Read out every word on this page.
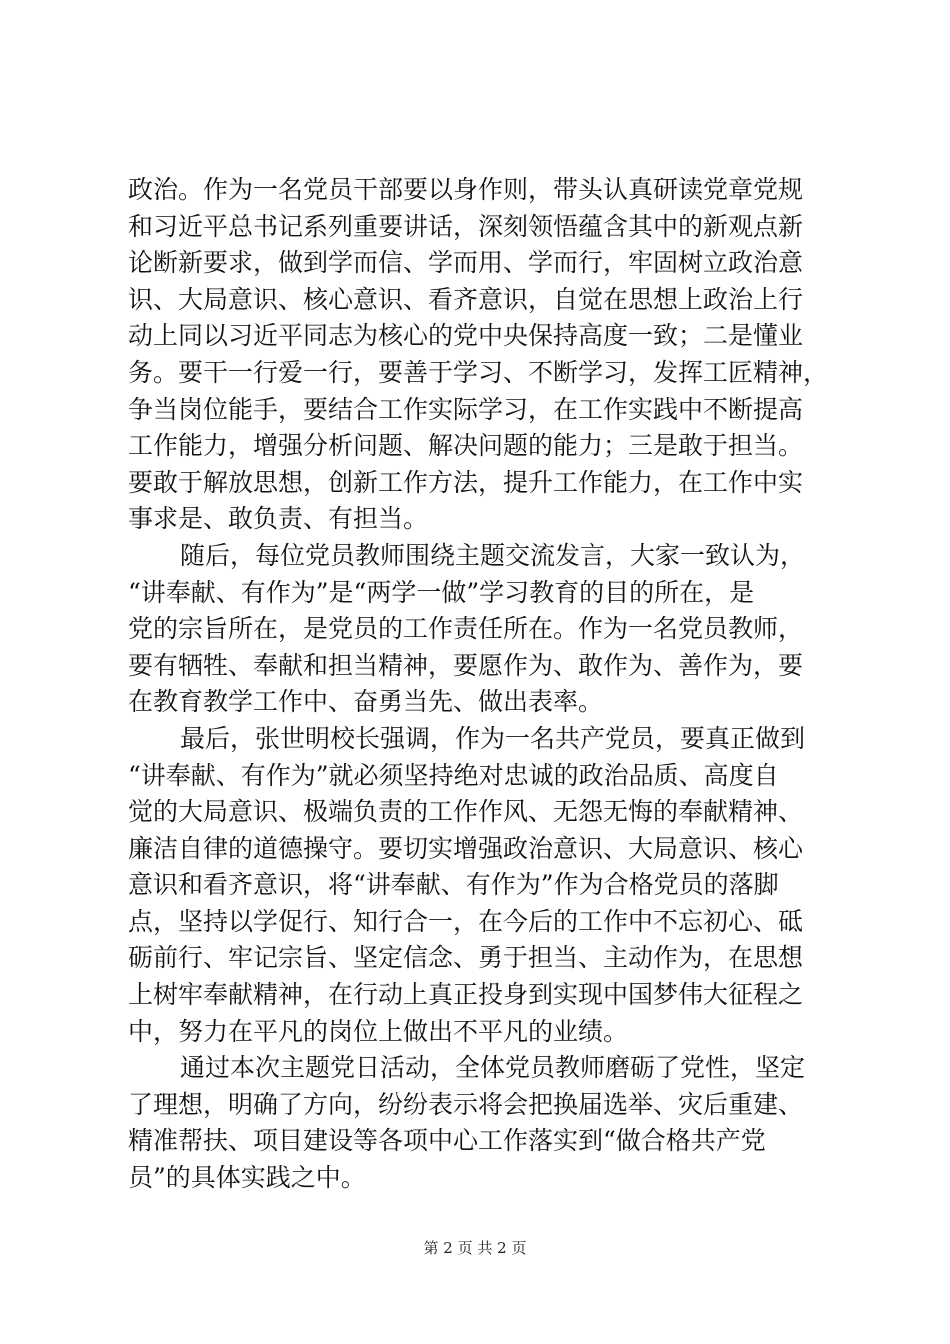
政治。作为一名党员干部要以身作则，带头认真研读党章党规
和习近平总书记系列重要讲话，深刻领悟蕴含其中的新观点新
论断新要求，做到学而信、学而用、学而行，牢固树立政治意
识、大局意识、核心意识、看齐意识，自觉在思想上政治上行
动上同以习近平同志为核心的党中央保持高度一致；二是懂业
务。要干一行爱一行，要善于学习、不断学习，发挥工匠精神，
争当岗位能手，要结合工作实际学习，在工作实践中不断提高
工作能力，增强分析问题、解决问题的能力；三是敢于担当。
要敢于解放思想，创新工作方法，提升工作能力，在工作中实
事求是、敢负责、有担当。
随后，每位党员教师围绕主题交流发言，大家一致认为，
“讲奉献、有作为”是“两学一做”学习教育的目的所在，是
党的宗旨所在，是党员的工作责任所在。作为一名党员教师，
要有牺牲、奉献和担当精神，要愿作为、敢作为、善作为，要
在教育教学工作中、奋勇当先、做出表率。
最后，张世明校长强调，作为一名共产党员，要真正做到
“讲奉献、有作为”就必须坚持绝对忠诚的政治品质、高度自
觉的大局意识、极端负责的工作作风、无怨无悔的奉献精神、
廉洁自律的道德操守。要切实增强政治意识、大局意识、核心
意识和看齐意识，将“讲奉献、有作为”作为合格党员的落脚
点，坚持以学促行、知行合一，在今后的工作中不忘初心、砥
砺前行、牢记宗旨、坚定信念、勇于担当、主动作为，在思想
上树牢奉献精神，在行动上真正投身到实现中国梦伟大征程之
中，努力在平凡的岗位上做出不平凡的业绩。
通过本次主题党日活动，全体党员教师磨砺了党性，坚定
了理想，明确了方向，纷纷表示将会把换届选举、灾后重建、
精准帮扶、项目建设等各项中心工作落实到“做合格共产党
员”的具体实践之中。
第 2 页 共 2 页
